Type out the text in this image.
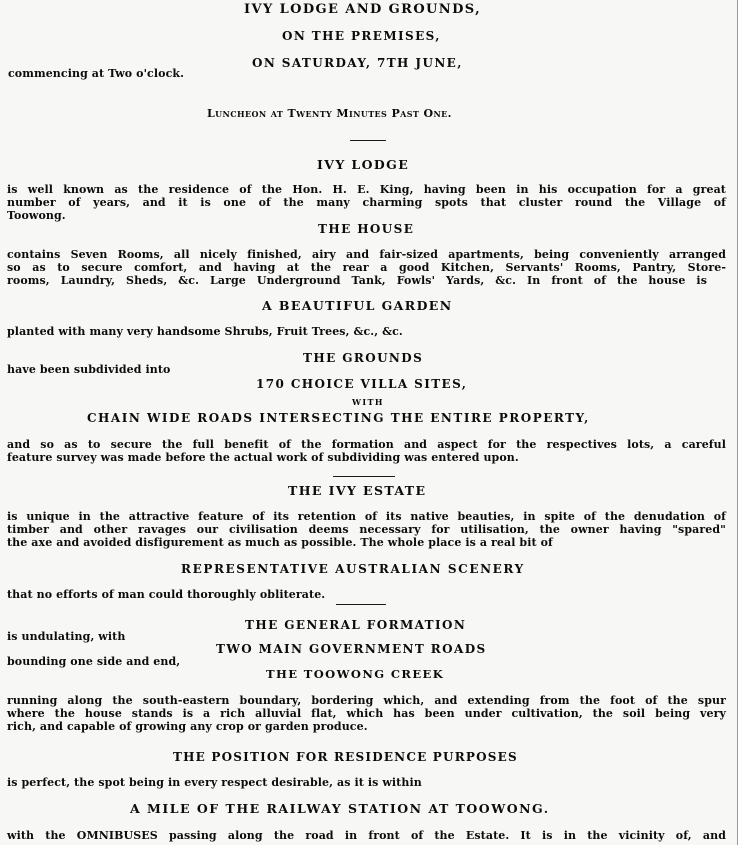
IVY LODGE AND GROUNDS,
ON THE PREMISES,
commencing at Two o'clock.
ON SATURDAY, 7TH JUNE,
Luncheon at Twenty Minutes Past One.
IVY LODGE
is well known as the residence of the Hon. H. E. King, having been in his occupation for a great
number of years, and it is one of the many charming spots that cluster round the Village of
Toowong.
THE HOUSE
contains Seven Rooms, all nicely finished, airy and fair-sized apartments, being conveniently arranged
so as to secure comfort, and having at the rear a good Kitchen, Servants' Rooms, Pantry, Store-
rooms, Laundry, Sheds, &c. Large Underground Tank, Fowls' Yards, &c. In front of the house is
A BEAUTIFUL GARDEN
planted with many very handsome Shrubs, Fruit Trees, &c., &c.
THE GROUNDS
have been subdivided into
170 CHOICE VILLA SITES,
WITH
CHAIN WIDE ROADS INTERSECTING THE ENTIRE PROPERTY,
and so as to secure the full benefit of the formation and aspect for the respectives lots, a careful
feature survey was made before the actual work of subdividing was entered upon.
THE IVY ESTATE
is unique in the attractive feature of its retention of its native beauties, in spite of the denudation of
timber and other ravages our civilisation deems necessary for utilisation, the owner having "spared"
the axe and avoided disfigurement as much as possible. The whole place is a real bit of
REPRESENTATIVE AUSTRALIAN SCENERY
that no efforts of man could thoroughly obliterate.
THE GENERAL FORMATION
is undulating, with
TWO MAIN GOVERNMENT ROADS
bounding one side and end,
THE TOOWONG CREEK
running along the south-eastern boundary, bordering which, and extending from the foot of the spur
where the house stands is a rich alluvial flat, which has been under cultivation, the soil being very
rich, and capable of growing any crop or garden produce.
THE POSITION FOR RESIDENCE PURPOSES
is perfect, the spot being in every respect desirable, as it is within
A MILE OF THE RAILWAY STATION AT TOOWONG.
with the OMNIBUSES passing along the road in front of the Estate. It is in the vicinity of, and
